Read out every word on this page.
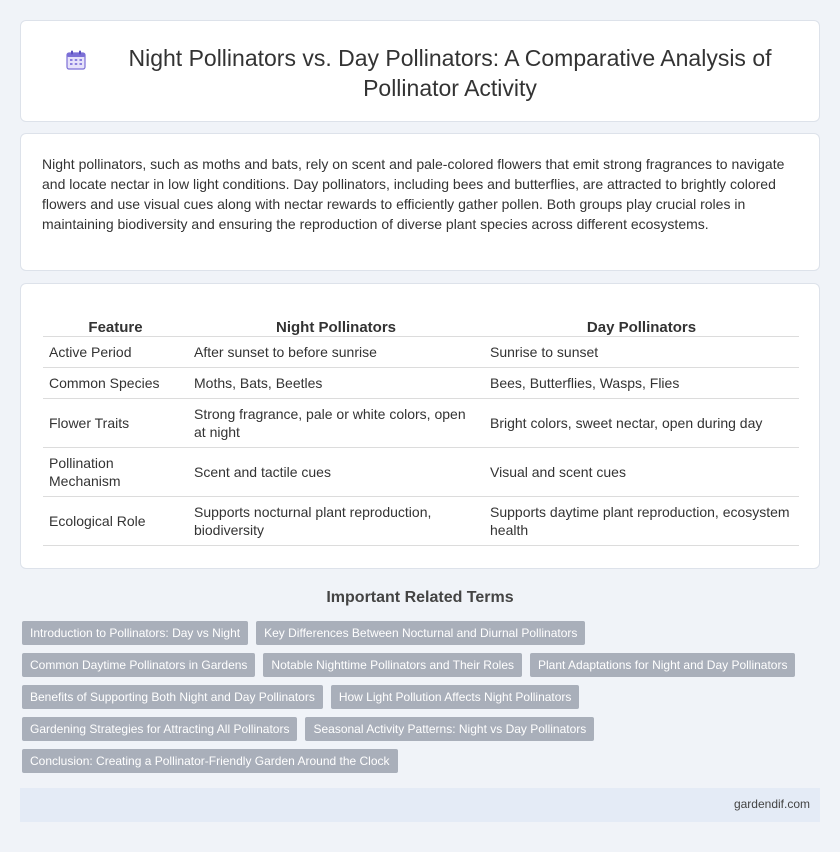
Night Pollinators vs. Day Pollinators: A Comparative Analysis of Pollinator Activity

Night pollinators, such as moths and bats, rely on scent and pale-colored flowers that emit strong fragrances to navigate and locate nectar in low light conditions. Day pollinators, including bees and butterflies, are attracted to brightly colored flowers and use visual cues along with nectar rewards to efficiently gather pollen. Both groups play crucial roles in maintaining biodiversity and ensuring the reproduction of diverse plant species across different ecosystems.

Feature	Night Pollinators	Day Pollinators
Active Period	After sunset to before sunrise	Sunrise to sunset
Common Species	Moths, Bats, Beetles	Bees, Butterflies, Wasps, Flies
Flower Traits	Strong fragrance, pale or white colors, open at night	Bright colors, sweet nectar, open during day
Pollination Mechanism	Scent and tactile cues	Visual and scent cues
Ecological Role	Supports nocturnal plant reproduction, biodiversity	Supports daytime plant reproduction, ecosystem health
Important Related Terms
Introduction to Pollinators: Day vs Night	Key Differences Between Nocturnal and Diurnal Pollinators
Common Daytime Pollinators in Gardens	Notable Nighttime Pollinators and Their Roles	Plant Adaptations for Night and Day Pollinators
Benefits of Supporting Both Night and Day Pollinators	How Light Pollution Affects Night Pollinators
Gardening Strategies for Attracting All Pollinators	Seasonal Activity Patterns: Night vs Day Pollinators
Conclusion: Creating a Pollinator-Friendly Garden Around the Clock
gardendif.com
